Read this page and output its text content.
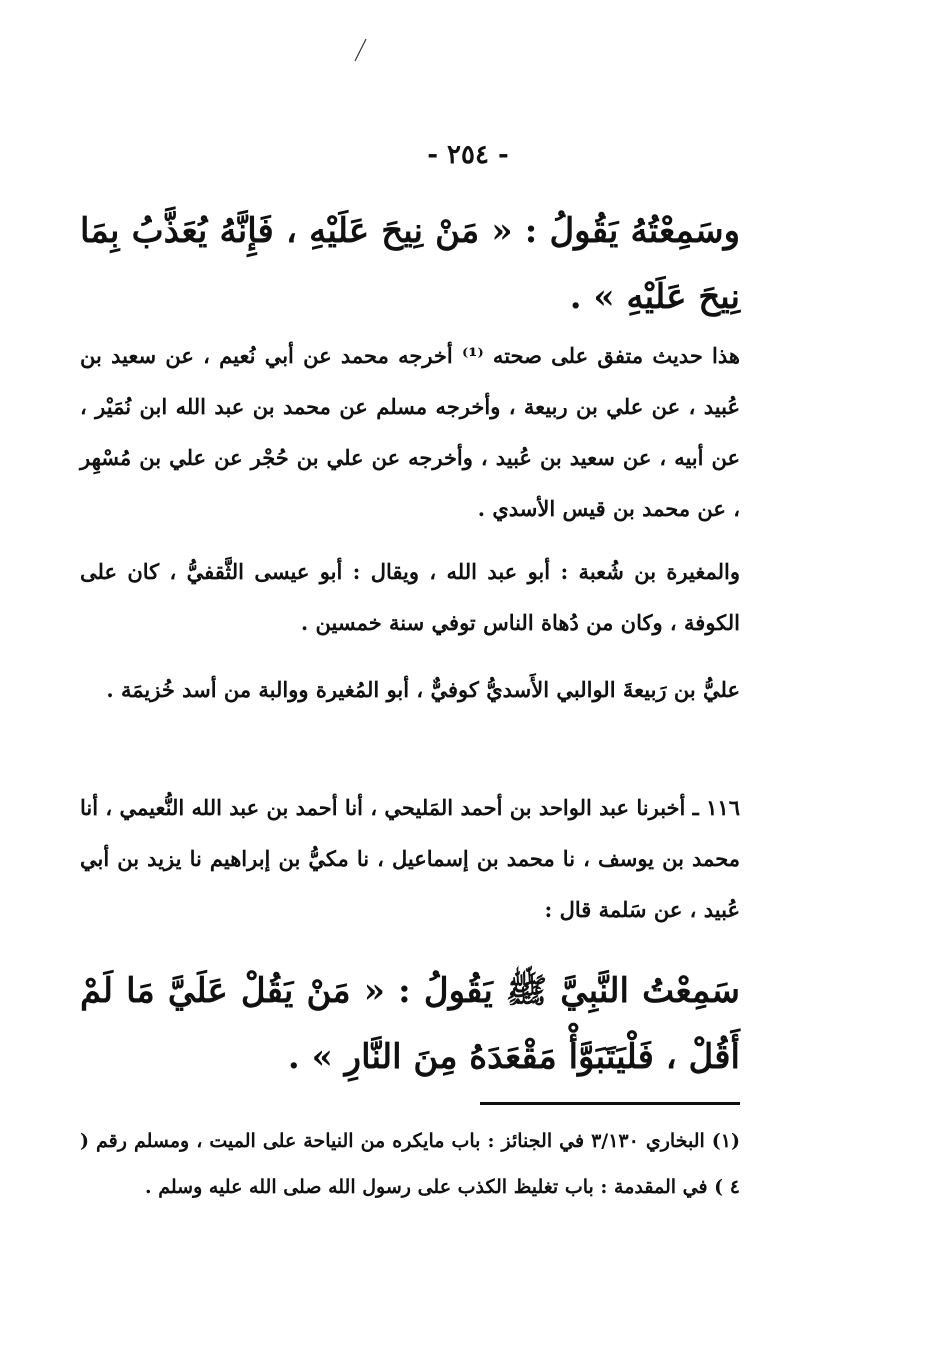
- ٢٥٤ -
وسَمِعْتُهُ يَقُولُ : « مَنْ نِيحَ عَلَيْهِ ، فَإِنَّهُ يُعَذَّبُ بِمَا نِيحَ عَلَيْهِ » .
هذا حديث متفق على صحته ⁽¹⁾ أخرجه محمد عن أبي نُعيم ، عن سعيد بن عُبيد ، عن علي بن ربيعة ، وأخرجه مسلم عن محمد بن عبد الله ابن نُمَيْر ، عن أبيه ، عن سعيد بن عُبيد ، وأخرجه عن علي بن حُجْر عن علي بن مُسْهِر ، عن محمد بن قيس الأسدي .
والمغيرة بن شُعبة : أبو عبد الله ، ويقال : أبو عيسى الثَّقفيُّ ، كان على الكوفة ، وكان من دُهاة الناس توفي سنة خمسين .
عليُّ بن رَبيعةَ الوالبي الأَسديُّ كوفيٌّ ، أبو المُغيرة ووالبة من أسد خُزيمَة .
١١٦ ـ أخبرنا عبد الواحد بن أحمد المَليحي ، أنا أحمد بن عبد الله النُّعيمي ، أنا محمد بن يوسف ، نا محمد بن إسماعيل ، نا مكيُّ بن إبراهيم نا يزيد بن أبي عُبيد ، عن سَلمة قال :
سَمِعْتُ النَّبِيَّ ﷺ يَقُولُ : « مَنْ يَقُلْ عَلَيَّ مَا لَمْ أَقُلْ ، فَلْيَتَبَوَّأْ مَقْعَدَهُ مِنَ النَّارِ » .
(١) البخاري ٣/١٣٠ في الجنائز : باب مايكره من النياحة على الميت ، ومسلم رقم ( ٤ ) في المقدمة : باب تغليظ الكذب على رسول الله صلى الله عليه وسلم .
